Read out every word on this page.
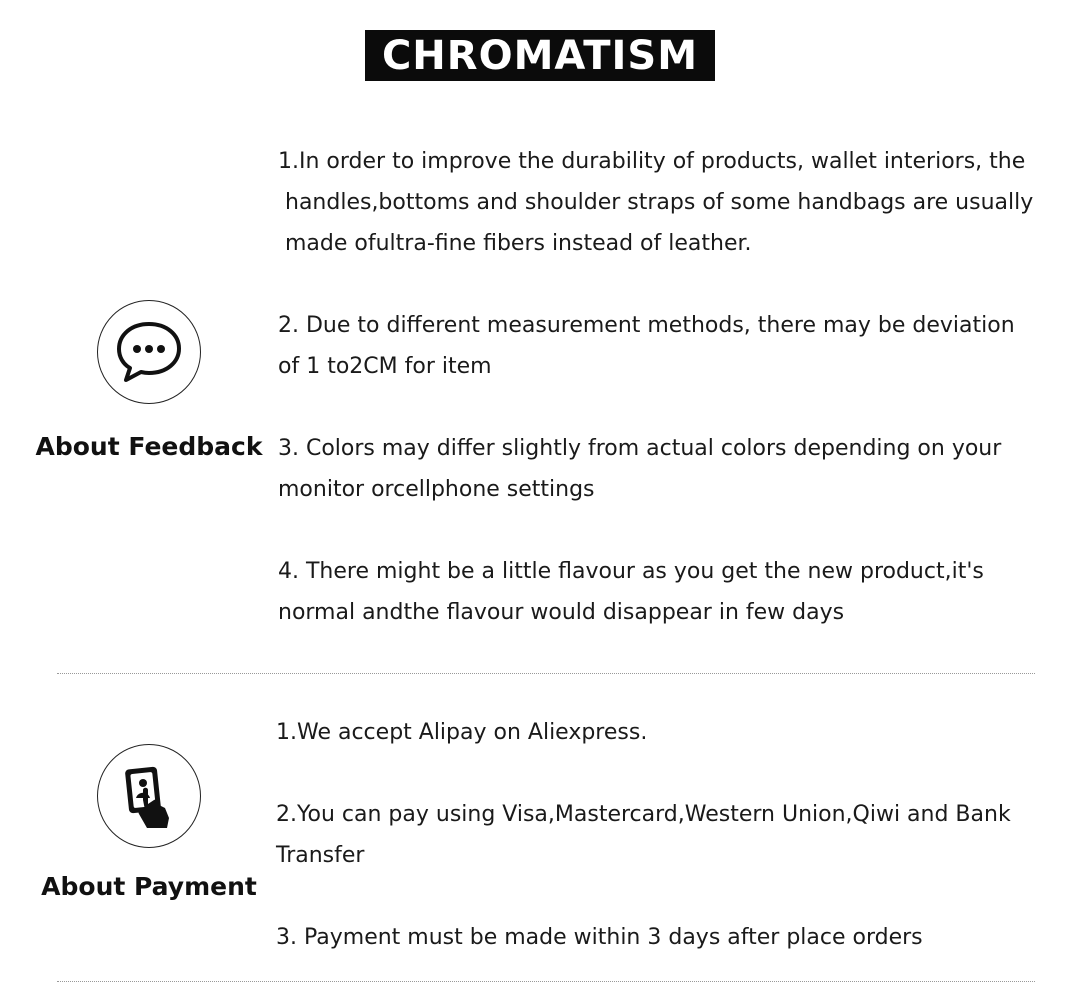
CHROMATISM
About Feedback
1.In order to improve the durability of products, wallet interiors, the
handles,bottoms and shoulder straps of some handbags are usually
made ofultra-fine fibers instead of leather.
2. Due to different measurement methods, there may be deviation
of 1 to2CM for item
3. Colors may differ slightly from actual colors depending on your
monitor orcellphone settings
4. There might be a little flavour as you get the new product,it's
normal andthe flavour would disappear in few days
About Payment
1.We accept Alipay on Aliexpress.
2.You can pay using Visa,Mastercard,Western Union,Qiwi and Bank
Transfer
3. Payment must be made within 3 days after place orders
